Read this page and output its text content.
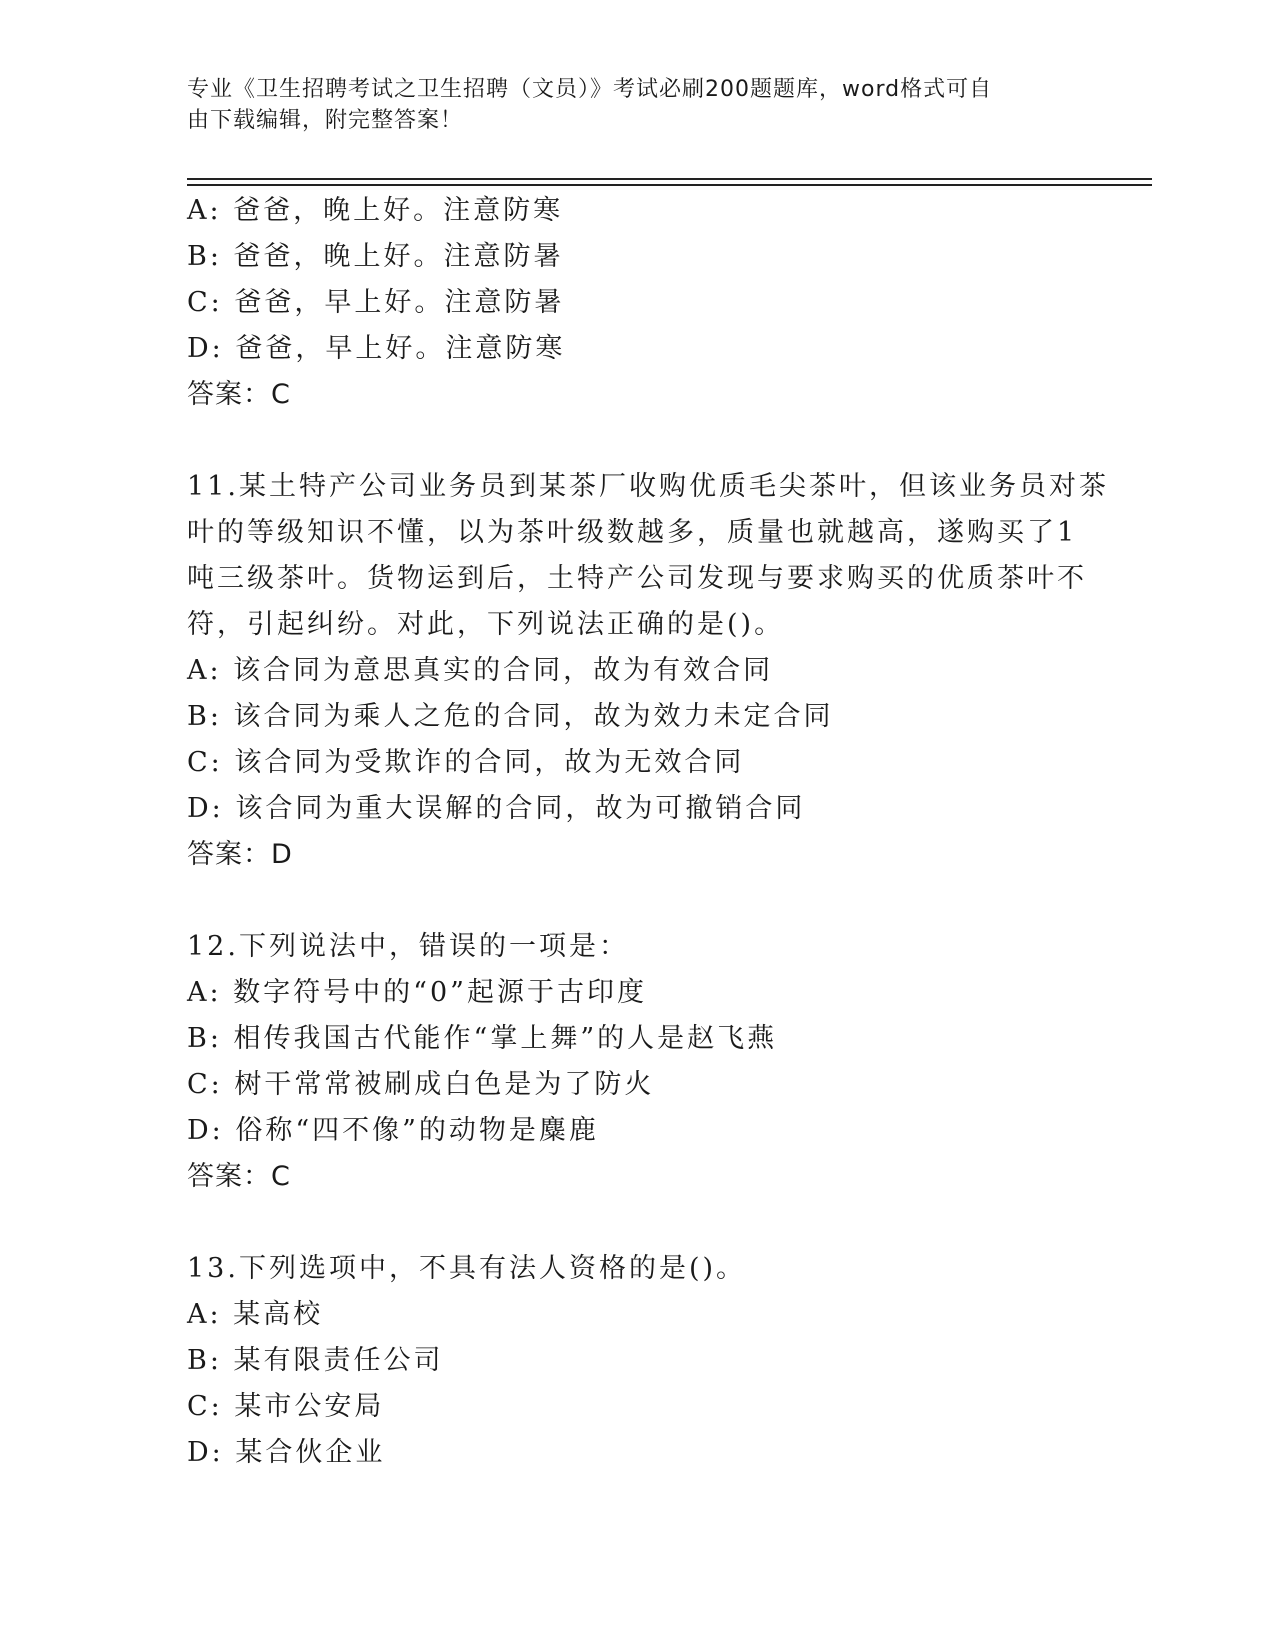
专业《卫生招聘考试之卫生招聘（文员）》考试必刷200题题库，word格式可自
由下载编辑，附完整答案！
A: 爸爸，晚上好。注意防寒
B: 爸爸，晚上好。注意防暑
C: 爸爸，早上好。注意防暑
D: 爸爸，早上好。注意防寒
答案：C
11.某土特产公司业务员到某茶厂收购优质毛尖茶叶，但该业务员对茶
叶的等级知识不懂，以为茶叶级数越多，质量也就越高，遂购买了1
吨三级茶叶。货物运到后，土特产公司发现与要求购买的优质茶叶不
符，引起纠纷。对此，下列说法正确的是()。
A: 该合同为意思真实的合同，故为有效合同
B: 该合同为乘人之危的合同，故为效力未定合同
C: 该合同为受欺诈的合同，故为无效合同
D: 该合同为重大误解的合同，故为可撤销合同
答案：D
12.下列说法中，错误的一项是：
A: 数字符号中的“0”起源于古印度
B: 相传我国古代能作“掌上舞”的人是赵飞燕
C: 树干常常被刷成白色是为了防火
D: 俗称“四不像”的动物是麋鹿
答案：C
13.下列选项中，不具有法人资格的是()。
A: 某高校
B: 某有限责任公司
C: 某市公安局
D: 某合伙企业
